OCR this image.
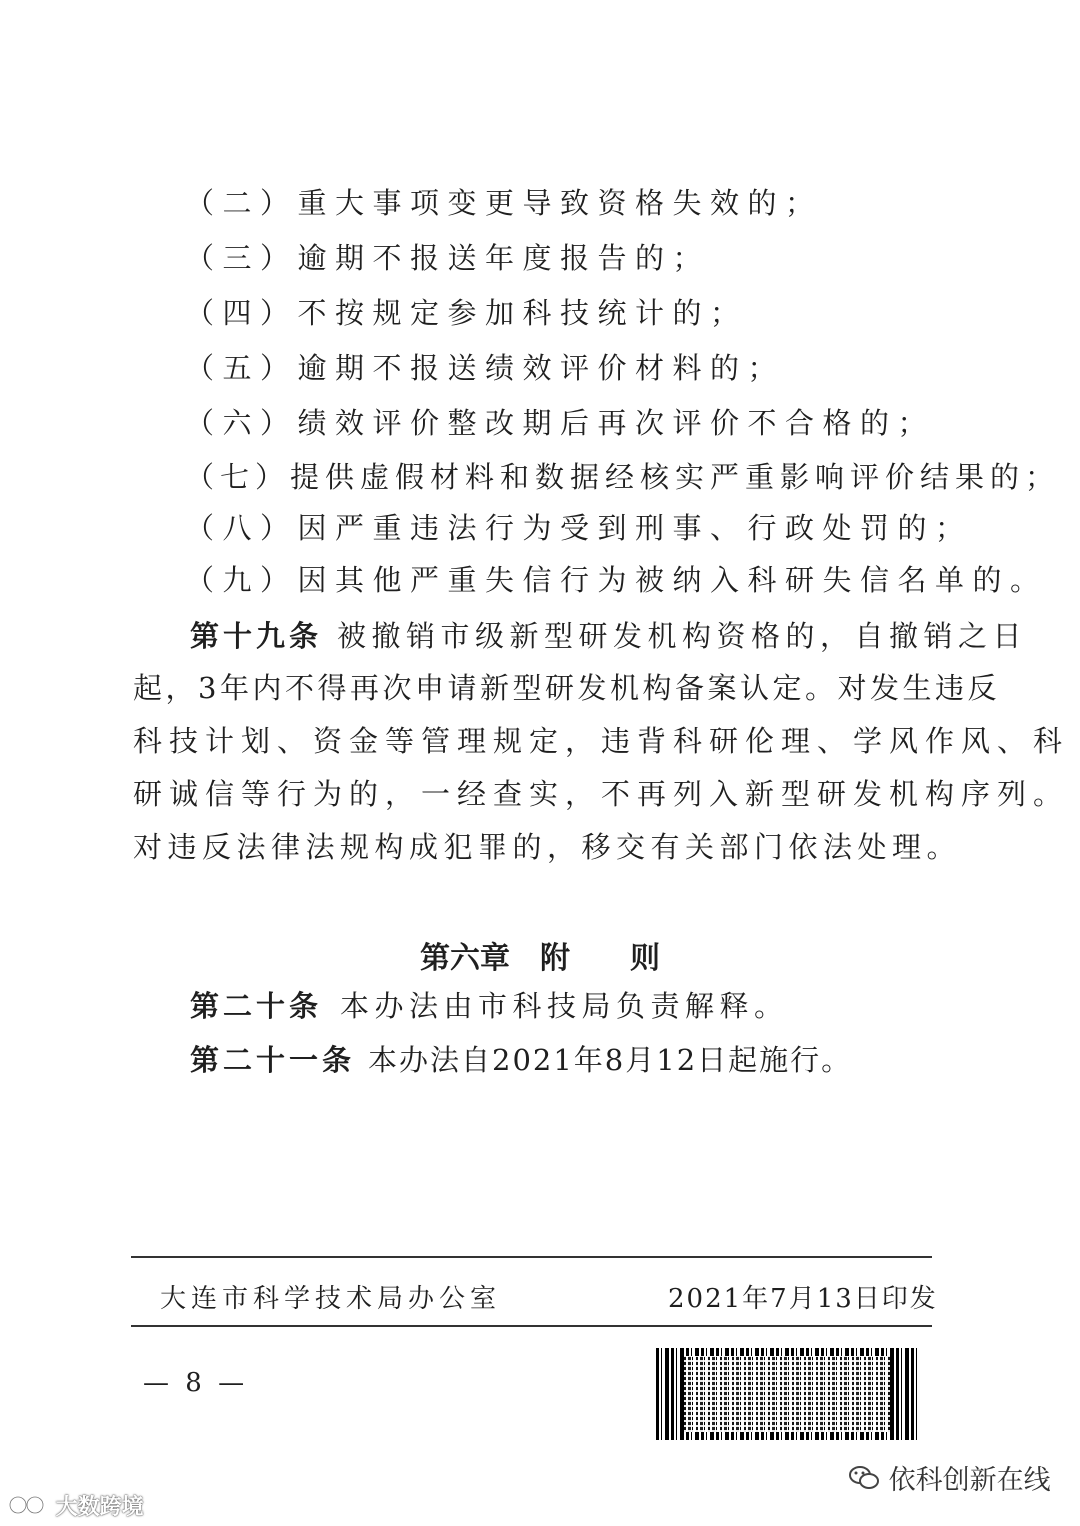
（二）重大事项变更导致资格失效的；
（三）逾期不报送年度报告的；
（四）不按规定参加科技统计的；
（五）逾期不报送绩效评价材料的；
（六）绩效评价整改期后再次评价不合格的；
（七）提供虚假材料和数据经核实严重影响评价结果的；
（八）因严重违法行为受到刑事、行政处罚的；
（九）因其他严重失信行为被纳入科研失信名单的。
第十九条 被撤销市级新型研发机构资格的，自撤销之日
起，3年内不得再次申请新型研发机构备案认定。对发生违反
科技计划、资金等管理规定，违背科研伦理、学风作风、科
研诚信等行为的，一经查实，不再列入新型研发机构序列。
对违反法律法规构成犯罪的，移交有关部门依法处理。
第六章　附　　则
第二十条 本办法由市科技局负责解释。
第二十一条 本办法自2021年8月12日起施行。
大连市科学技术局办公室	2021年7月13日印发
— 8 —
依科创新在线
大数跨境
